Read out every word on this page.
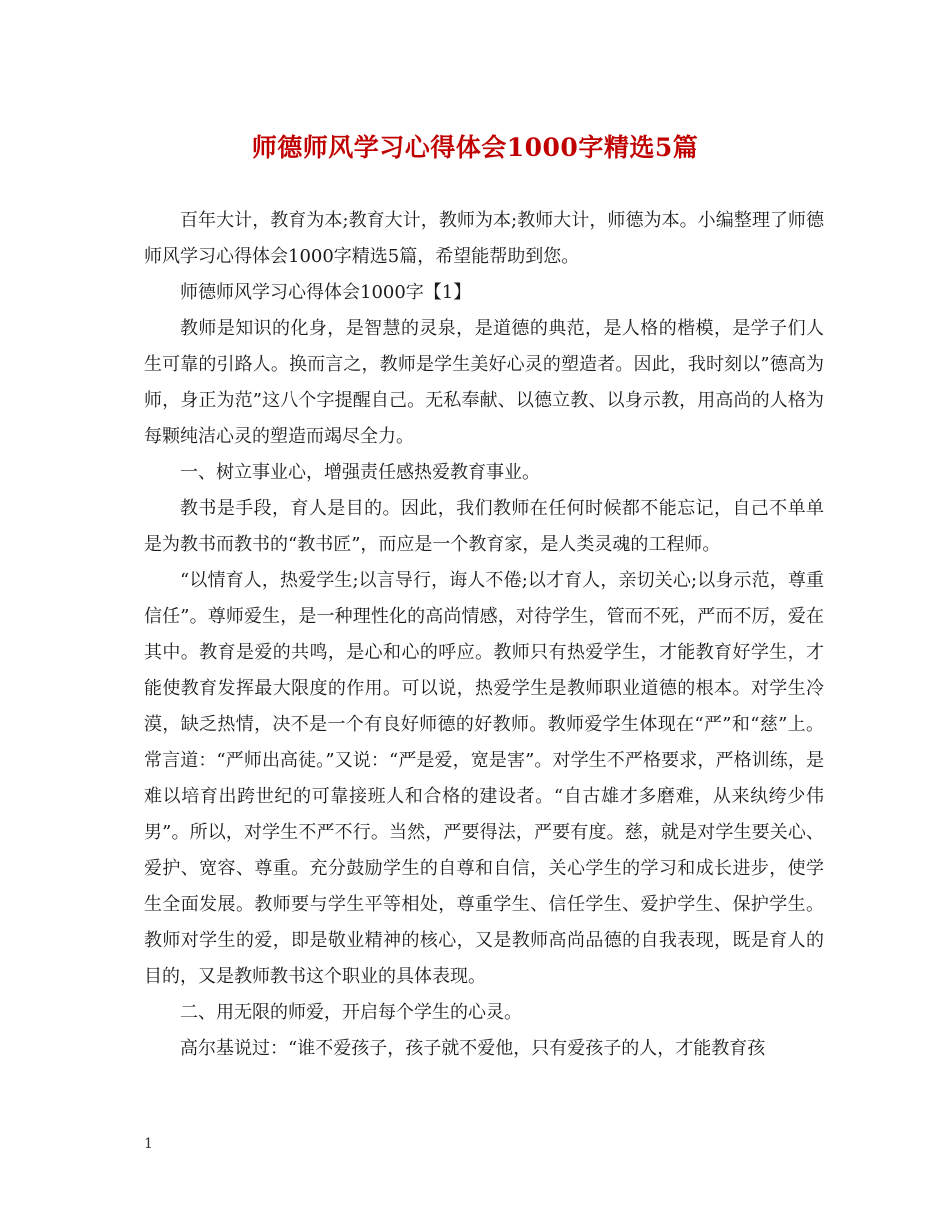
师德师风学习心得体会1000字精选5篇

百年大计，教育为本;教育大计，教师为本;教师大计，师德为本。小编整理了师德师风学习心得体会1000字精选5篇，希望能帮助到您。

师德师风学习心得体会1000字【1】

教师是知识的化身，是智慧的灵泉，是道德的典范，是人格的楷模，是学子们人生可靠的引路人。换而言之，教师是学生美好心灵的塑造者。因此，我时刻以”德高为师，身正为范”这八个字提醒自己。无私奉献、以德立教、以身示教，用高尚的人格为每颗纯洁心灵的塑造而竭尽全力。

一、树立事业心，增强责任感热爱教育事业。

教书是手段，育人是目的。因此，我们教师在任何时候都不能忘记，自己不单单是为教书而教书的“教书匠”，而应是一个教育家，是人类灵魂的工程师。

“以情育人，热爱学生;以言导行，诲人不倦;以才育人，亲切关心;以身示范，尊重信任”。尊师爱生，是一种理性化的高尚情感，对待学生，管而不死，严而不厉，爱在其中。教育是爱的共鸣，是心和心的呼应。教师只有热爱学生，才能教育好学生，才能使教育发挥最大限度的作用。可以说，热爱学生是教师职业道德的根本。对学生冷漠，缺乏热情，决不是一个有良好师德的好教师。教师爱学生体现在“严”和“慈”上。常言道：“严师出高徒。”又说：“严是爱，宽是害”。对学生不严格要求，严格训练，是难以培育出跨世纪的可靠接班人和合格的建设者。“自古雄才多磨难，从来纨绔少伟男”。所以，对学生不严不行。当然，严要得法，严要有度。慈，就是对学生要关心、爱护、宽容、尊重。充分鼓励学生的自尊和自信，关心学生的学习和成长进步，使学生全面发展。教师要与学生平等相处，尊重学生、信任学生、爱护学生、保护学生。教师对学生的爱，即是敬业精神的核心，又是教师高尚品德的自我表现，既是育人的目的，又是教师教书这个职业的具体表现。

二、用无限的师爱，开启每个学生的心灵。

高尔基说过：“谁不爱孩子，孩子就不爱他，只有爱孩子的人，才能教育孩

1
